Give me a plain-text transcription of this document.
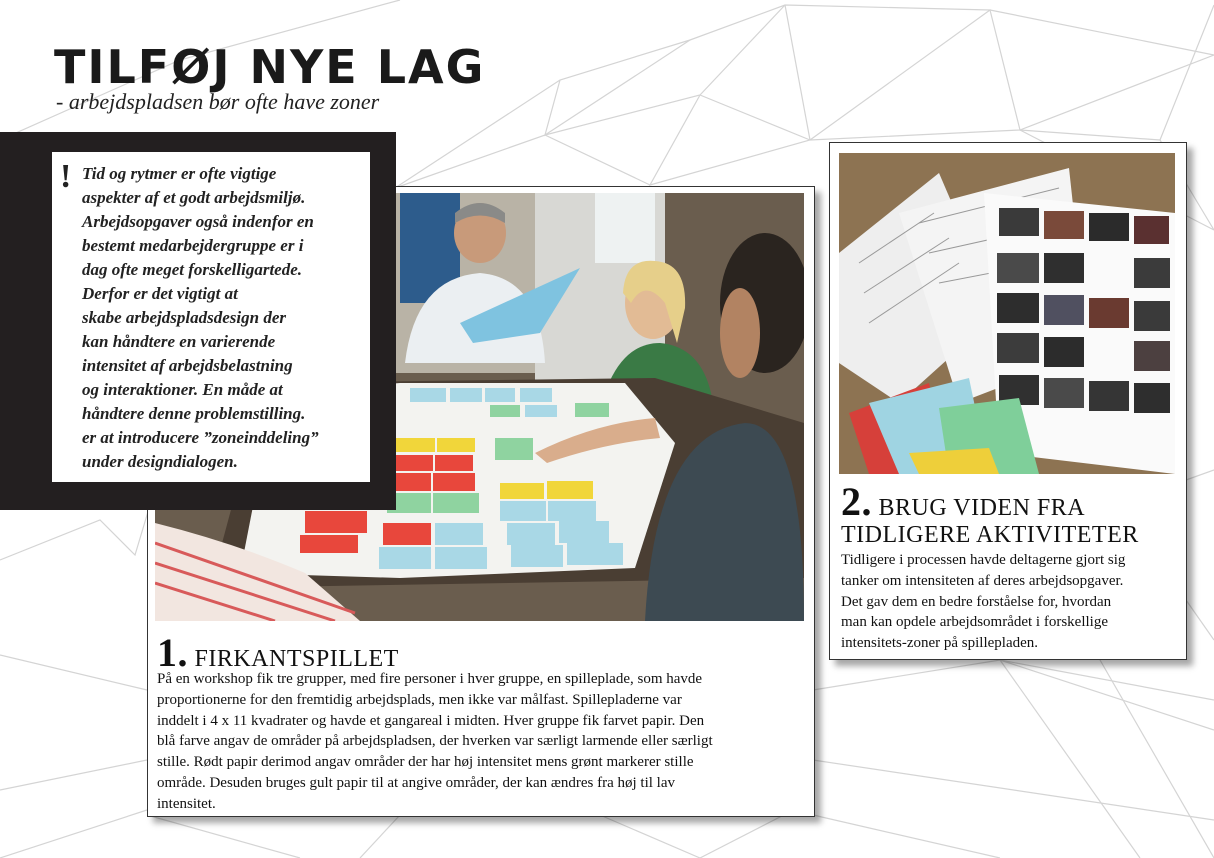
TILFØJ NYE LAG
- arbejdspladsen bør ofte have zoner
! Tid og rytmer er ofte vigtige
aspekter af et godt arbejdsmiljø.
Arbejdsopgaver også indenfor en
bestemt medarbejdergruppe er i
dag ofte meget forskelligartede.
Derfor er det vigtigt at
skabe arbejdspladsdesign der
kan håndtere en varierende
intensitet af arbejdsbelastning
og interaktioner. En måde at
håndtere denne problemstilling.
er at introducere ”zoneinddeling”
under designdialogen.
1. FIRKANTSPILLET
På en workshop fik tre grupper, med fire personer i hver gruppe, en spilleplade, som havde
proportionerne for den fremtidig arbejdsplads, men ikke var målfast. Spillepladerne var
inddelt i 4 x 11 kvadrater og havde et gangareal i midten. Hver gruppe fik farvet papir. Den
blå farve angav de områder på arbejdspladsen, der hverken var særligt larmende eller særligt
stille. Rødt papir derimod angav områder der har høj intensitet mens grønt markerer stille
område. Desuden bruges gult papir til at angive områder, der kan ændres fra høj til lav
intensitet.
2. BRUG VIDEN FRA
TIDLIGERE AKTIVITETER
Tidligere i processen havde deltagerne gjort sig
tanker om intensiteten af deres arbejdsopgaver.
Det gav dem en bedre forståelse for, hvordan
man kan opdele arbejdsområdet i forskellige
intensitets-zoner på spillepladen.
